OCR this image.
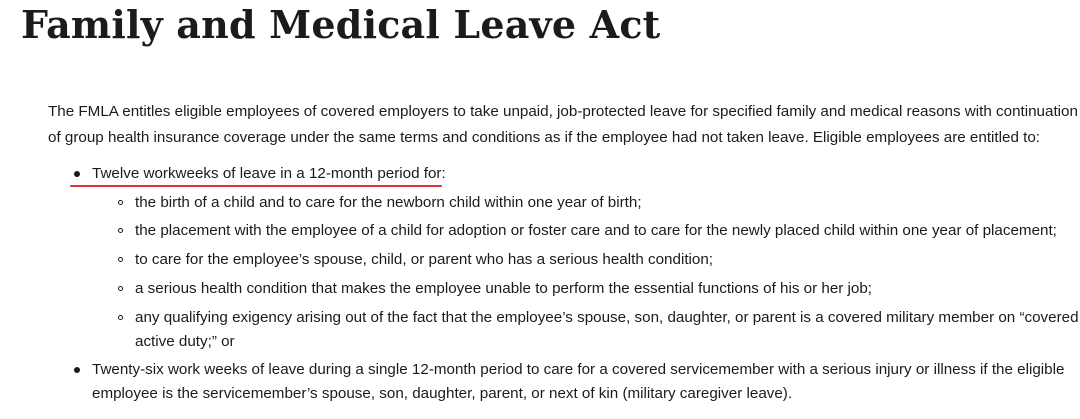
Family and Medical Leave Act

The FMLA entitles eligible employees of covered employers to take unpaid, job-protected leave for specified family and medical reasons with continuation
of group health insurance coverage under the same terms and conditions as if the employee had not taken leave. Eligible employees are entitled to:

Twelve workweeks of leave in a 12-month period for:
the birth of a child and to care for the newborn child within one year of birth;
the placement with the employee of a child for adoption or foster care and to care for the newly placed child within one year of placement;
to care for the employee’s spouse, child, or parent who has a serious health condition;
a serious health condition that makes the employee unable to perform the essential functions of his or her job;
any qualifying exigency arising out of the fact that the employee’s spouse, son, daughter, or parent is a covered military member on “covered
active duty;” or
Twenty-six work weeks of leave during a single 12-month period to care for a covered servicemember with a serious injury or illness if the eligible
employee is the servicemember’s spouse, son, daughter, parent, or next of kin (military caregiver leave).
